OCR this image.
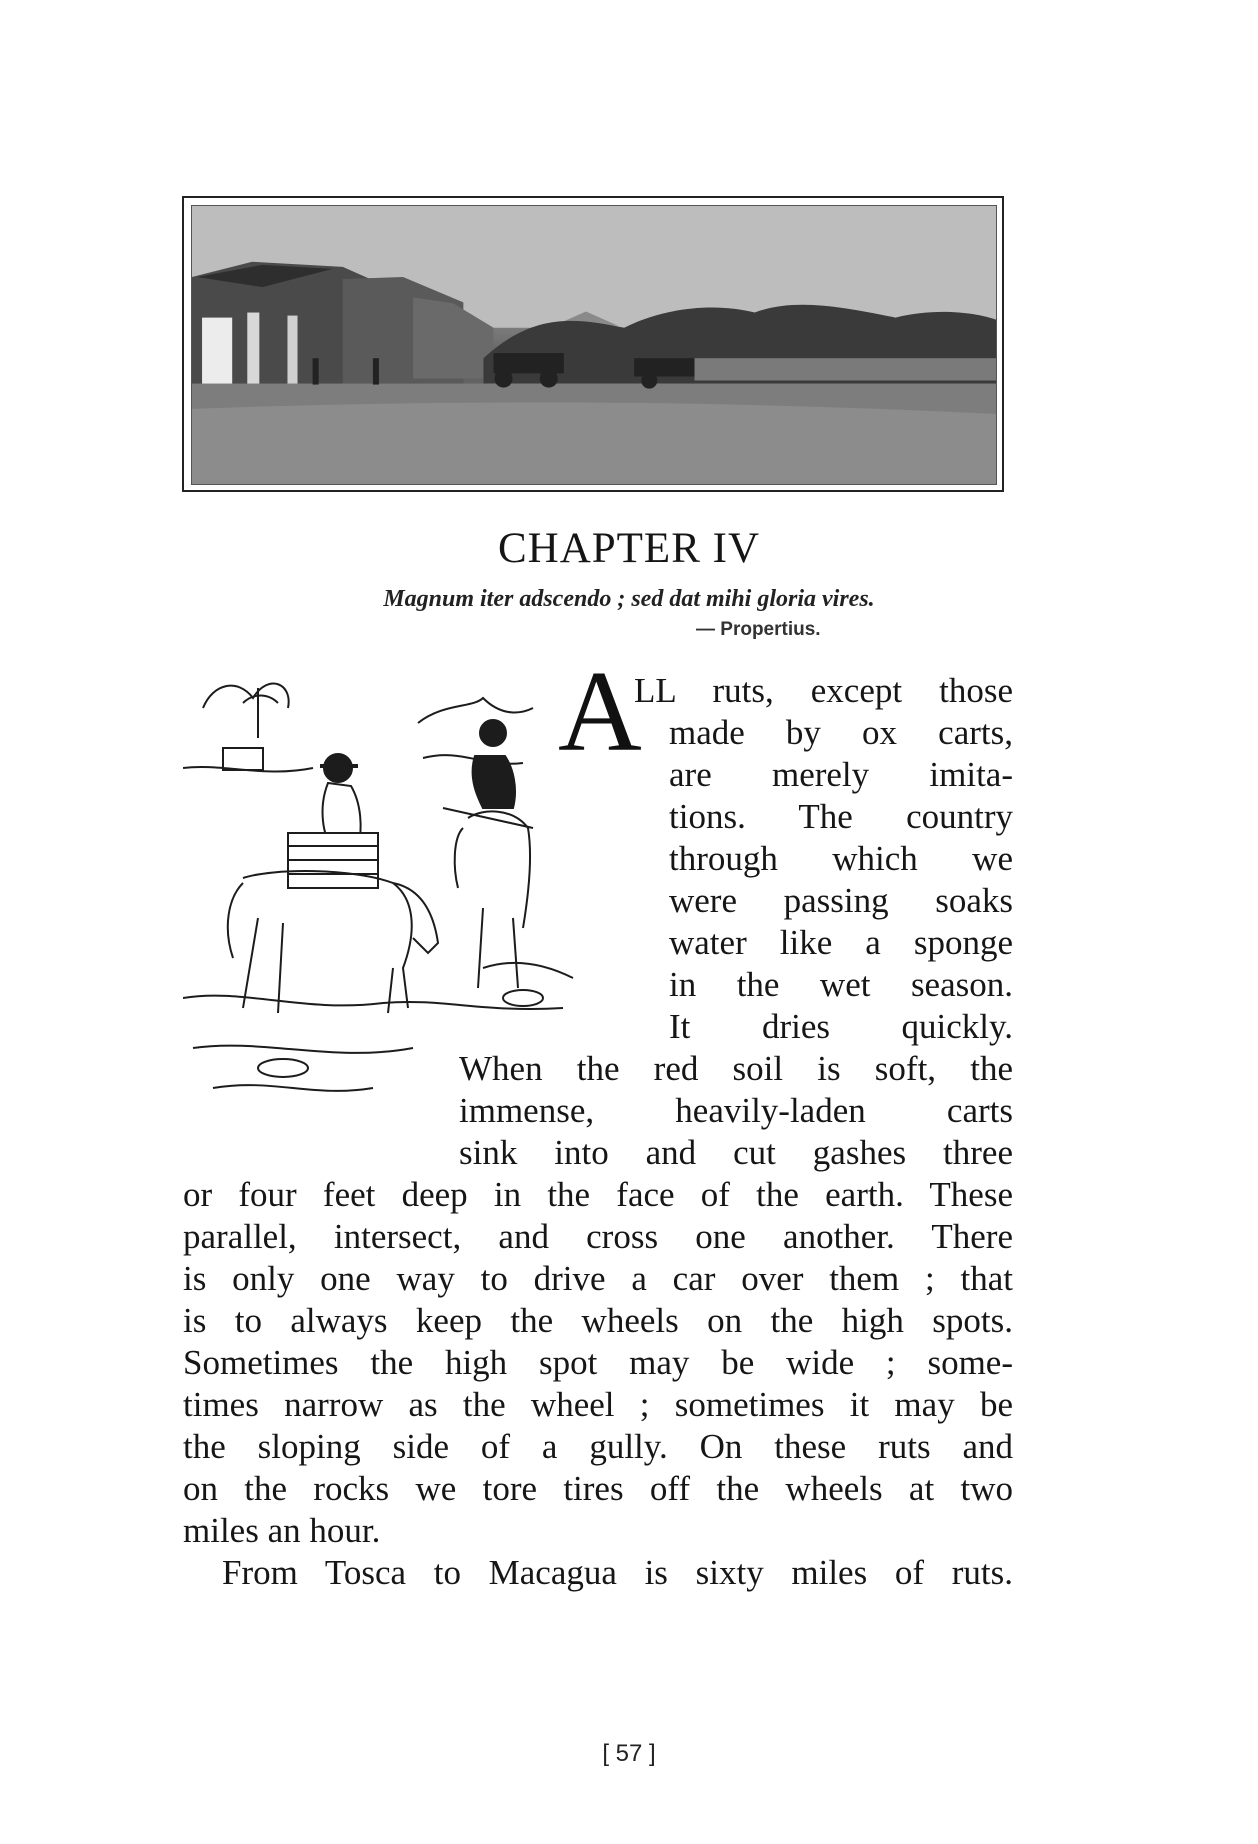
CHAPTER IV
Magnum iter adscendo ; sed dat mihi gloria vires.
— Propertius.
A
LL ruts, except those
made by ox carts,
are merely imita-
tions. The country
through which we
were passing soaks
water like a sponge
in the wet season.
It dries quickly.
When the red soil is soft, the
immense, heavily-laden carts
sink into and cut gashes three
or four feet deep in the face of the earth. These
parallel, intersect, and cross one another. There
is only one way to drive a car over them ; that
is to always keep the wheels on the high spots.
Sometimes the high spot may be wide ; some-
times narrow as the wheel ; sometimes it may be
the sloping side of a gully. On these ruts and
on the rocks we tore tires off the wheels at two
miles an hour.
From Tosca to Macagua is sixty miles of ruts.
[ 57 ]
